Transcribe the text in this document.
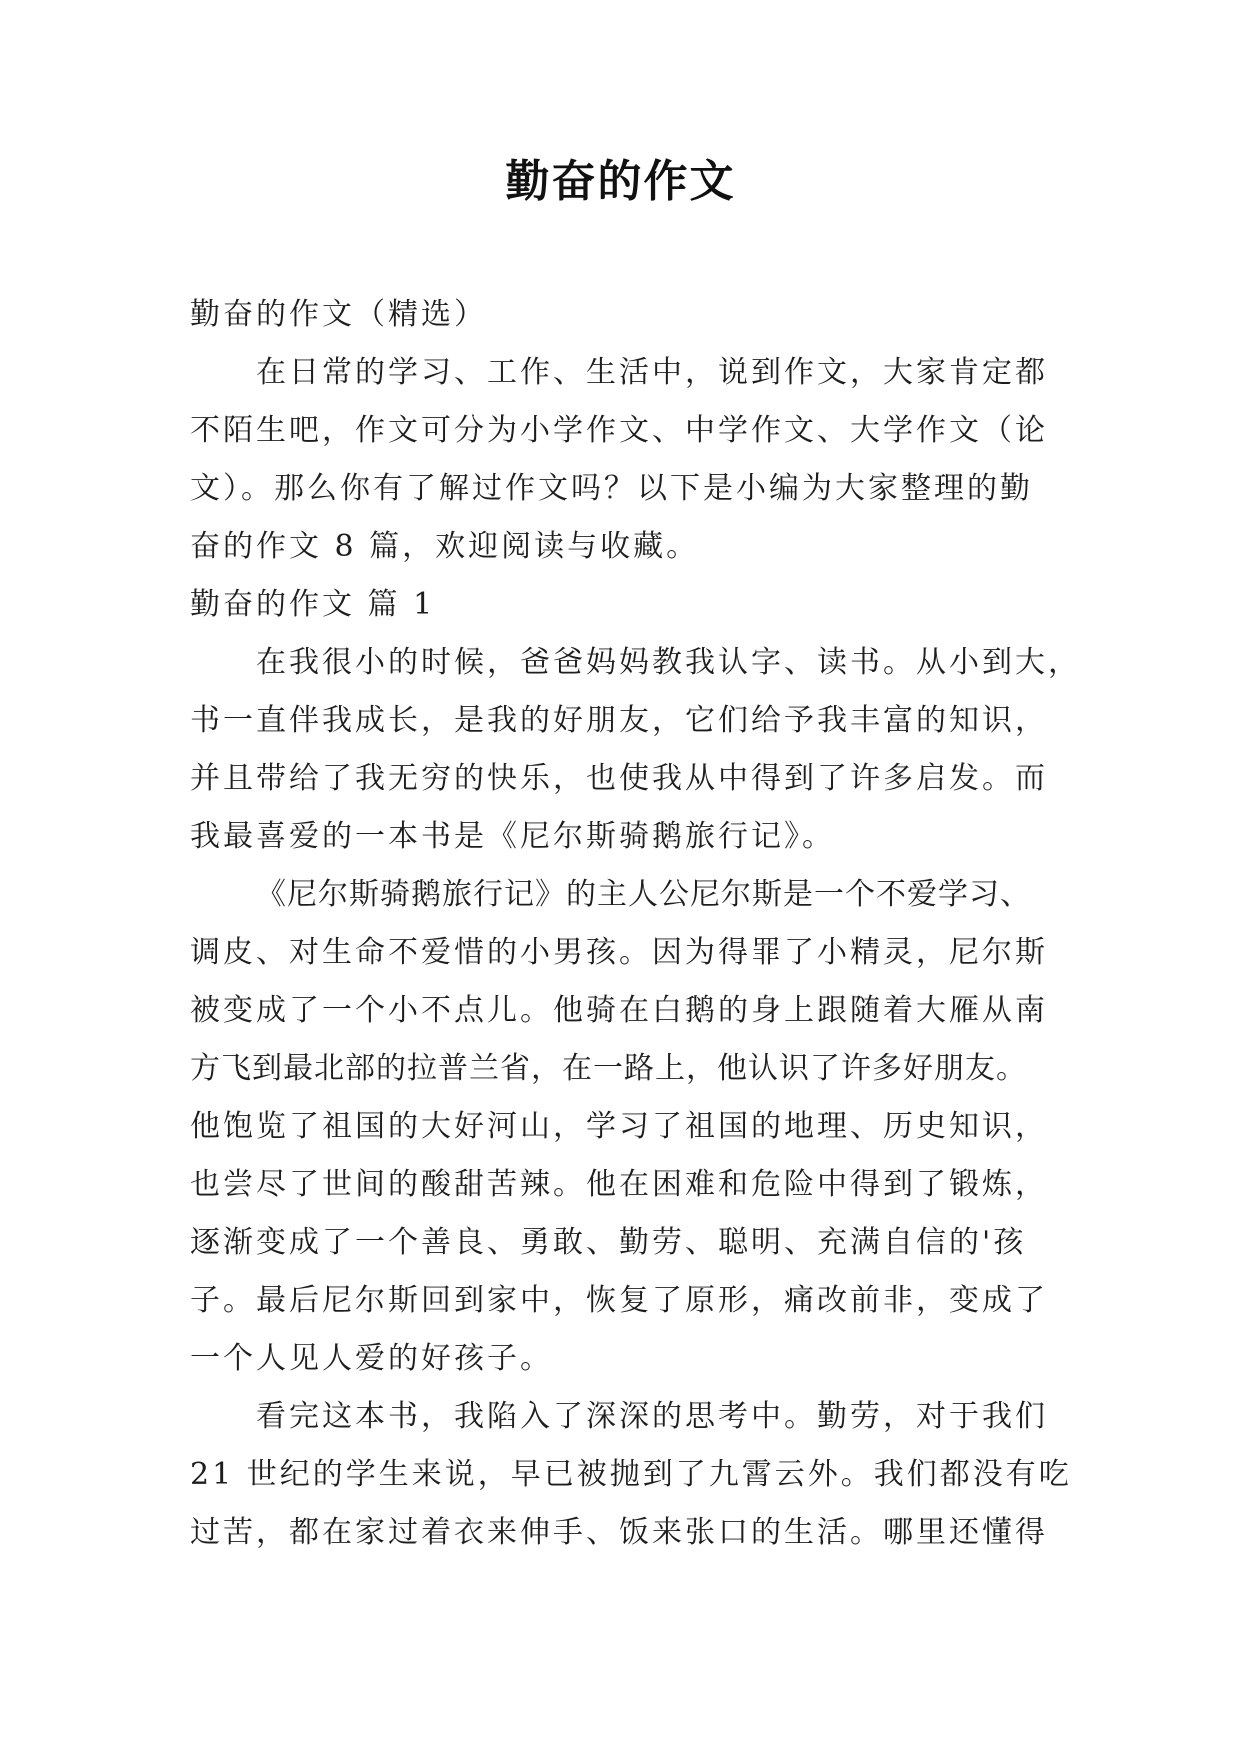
勤奋的作文
勤奋的作文（精选）
在日常的学习、工作、生活中，说到作文，大家肯定都
不陌生吧，作文可分为小学作文、中学作文、大学作文（论
文）。那么你有了解过作文吗？以下是小编为大家整理的勤
奋的作文 8 篇，欢迎阅读与收藏。
勤奋的作文 篇 1
在我很小的时候，爸爸妈妈教我认字、读书。从小到大，
书一直伴我成长，是我的好朋友，它们给予我丰富的知识，
并且带给了我无穷的快乐，也使我从中得到了许多启发。而
我最喜爱的一本书是《尼尔斯骑鹅旅行记》。
《尼尔斯骑鹅旅行记》的主人公尼尔斯是一个不爱学习、
调皮、对生命不爱惜的小男孩。因为得罪了小精灵，尼尔斯
被变成了一个小不点儿。他骑在白鹅的身上跟随着大雁从南
方飞到最北部的拉普兰省，在一路上，他认识了许多好朋友。
他饱览了祖国的大好河山，学习了祖国的地理、历史知识，
也尝尽了世间的酸甜苦辣。他在困难和危险中得到了锻炼，
逐渐变成了一个善良、勇敢、勤劳、聪明、充满自信的'孩
子。最后尼尔斯回到家中，恢复了原形，痛改前非，变成了
一个人见人爱的好孩子。
看完这本书，我陷入了深深的思考中。勤劳，对于我们
21 世纪的学生来说，早已被抛到了九霄云外。我们都没有吃
过苦，都在家过着衣来伸手、饭来张口的生活。哪里还懂得
